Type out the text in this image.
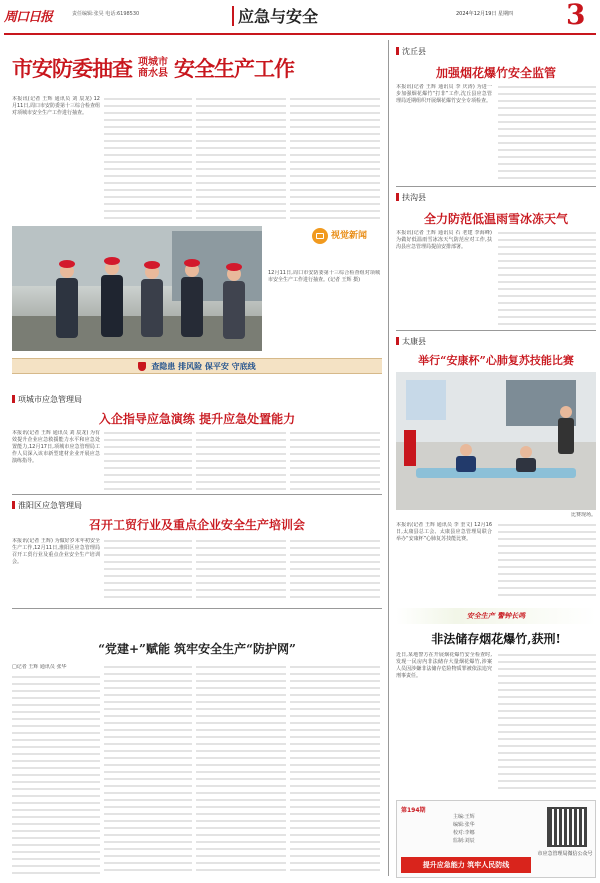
周口日报	责任编辑:张昊 电话:6198530	应急与安全	2024年12月19日 星期四 3
市安防委抽查 项城市
商水县 安全生产工作
本报讯(记者 王辉 通讯员 刘 辰龙) 12月11日,周口市安防委第十三综合检查组对项城市安全生产工作进行抽查。
视觉新闻
12月11日,周口市安防委第十三综合检查组对项城市安全生产工作进行抽查。(记者 王辉 摄)
查隐患 排风险 保平安 守底线
项城市应急管理局
入企指导应急演练 提升应急处置能力
本报讯(记者 王辉 通讯员 刘 辰龙) 为有效提升企业应急救援能力水平和应急处置能力,12月17日,项城市应急管理局工作人员深入该市新型建材企业开展应急演练指导。
淮阳区应急管理局
召开工贸行业及重点企业安全生产培训会
本报讯(记者 王辉) 为做好岁末年初安全生产工作,12月11日,淮阳区应急管理局召开工贸行业及重点企业安全生产培训会。
“党建+”赋能 筑牢安全生产“防护网”
□记者 王辉 通讯员 张华
沈丘县
加强烟花爆竹安全监管
本报讯(记者 王辉 通讯员 李 庆涛) 为进一步加强烟花爆竹“打非”工作,沈丘县应急管理局近期组织开展烟花爆竹安全专项检查。
扶沟县
全力防范低温雨雪冰冻天气
本报讯(记者 王辉 通讯员 石 老建 李海峰) 为做好低温雨雪冰冻天气防范应对工作,扶沟县应急管理局提前安排部署。
太康县
举行“安康杯”心肺复苏技能比赛
比赛现场。
本报讯(记者 王辉 通讯员 李 奎文) 12月16日,太康县总工会、太康县应急管理局联合举办“安康杯”心肺复苏技能比赛。
安全生产 警钟长鸣
非法储存烟花爆竹,获刑!
近日,某地警方在开展烟花爆竹安全检查时,发现一民房内非法储存大量烟花爆竹,涉案人员因涉嫌非法储存危险物质罪被依法追究刑事责任。
第194期
主编:王辉
编辑:张华
校对:李娜
监制:刘辰
市应急管理局微信公众号
提升应急能力 筑牢人民防线
